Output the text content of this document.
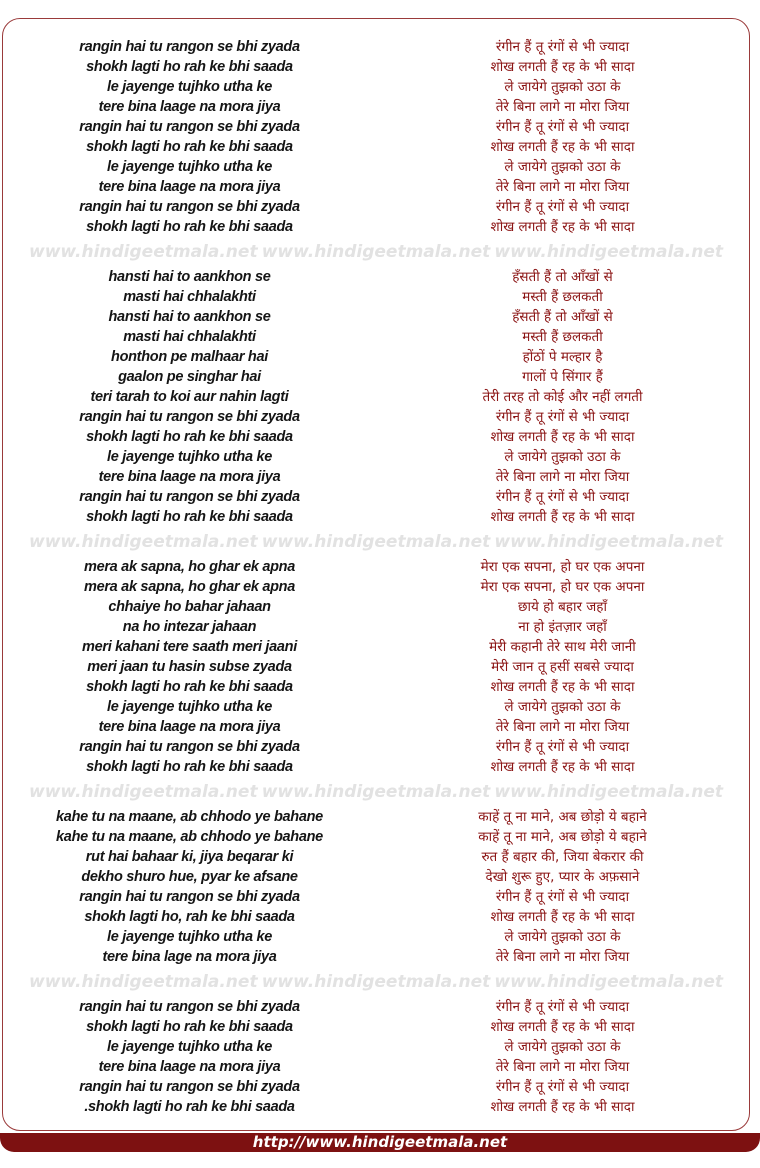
rangin hai tu rangon se bhi zyada
shokh lagti ho rah ke bhi saada
le jayenge tujhko utha ke
tere bina laage na mora jiya
rangin hai tu rangon se bhi zyada
shokh lagti ho rah ke bhi saada
le jayenge tujhko utha ke
tere bina laage na mora jiya
rangin hai tu rangon se bhi zyada
shokh lagti ho rah ke bhi saada
रंगीन हैं तू रंगों से भी ज्यादा
शोख लगती हैं रह के भी सादा
ले जायेगे तुझको उठा के
तेरे बिना लागे ना मोरा जिया
रंगीन हैं तू रंगों से भी ज्यादा
शोख लगती हैं रह के भी सादा
ले जायेगे तुझको उठा के
तेरे बिना लागे ना मोरा जिया
रंगीन हैं तू रंगों से भी ज्यादा
शोख लगती हैं रह के भी सादा
www.hindigeetmala.net www.hindigeetmala.net www.hindigeetmala.net
hansti hai to aankhon se
masti hai chhalakhti
hansti hai to aankhon se
masti hai chhalakhti
honthon pe malhaar hai
gaalon pe singhar hai
teri tarah to koi aur nahin lagti
rangin hai tu rangon se bhi zyada
shokh lagti ho rah ke bhi saada
le jayenge tujhko utha ke
tere bina laage na mora jiya
rangin hai tu rangon se bhi zyada
shokh lagti ho rah ke bhi saada
हँसती हैं तो आँखों से
मस्ती हैं छलकती
हँसती हैं तो आँखों से
मस्ती हैं छलकती
होंठों पे मल्हार है
गालों पे सिंगार हैं
तेरी तरह तो कोई और नहीं लगती
रंगीन हैं तू रंगों से भी ज्यादा
शोख लगती हैं रह के भी सादा
ले जायेगे तुझको उठा के
तेरे बिना लागे ना मोरा जिया
रंगीन हैं तू रंगों से भी ज्यादा
शोख लगती हैं रह के भी सादा
www.hindigeetmala.net www.hindigeetmala.net www.hindigeetmala.net
mera ak sapna, ho ghar ek apna
mera ak sapna, ho ghar ek apna
chhaiye ho bahar jahaan
na ho intezar jahaan
meri kahani tere saath meri jaani
meri jaan tu hasin subse zyada
shokh lagti ho rah ke bhi saada
le jayenge tujhko utha ke
tere bina laage na mora jiya
rangin hai tu rangon se bhi zyada
shokh lagti ho rah ke bhi saada
मेरा एक सपना, हो घर एक अपना
मेरा एक सपना, हो घर एक अपना
छाये हो बहार जहाँ
ना हो इंतज़ार जहाँ
मेरी कहानी तेरे साथ मेरी जानी
मेरी जान तू हसीं सबसे ज्यादा
शोख लगती हैं रह के भी सादा
ले जायेगे तुझको उठा के
तेरे बिना लागे ना मोरा जिया
रंगीन हैं तू रंगों से भी ज्यादा
शोख लगती हैं रह के भी सादा
www.hindigeetmala.net www.hindigeetmala.net www.hindigeetmala.net
kahe tu na maane, ab chhodo ye bahane
kahe tu na maane, ab chhodo ye bahane
rut hai bahaar ki, jiya beqarar ki
dekho shuro hue, pyar ke afsane
rangin hai tu rangon se bhi zyada
shokh lagti ho, rah ke bhi saada
le jayenge tujhko utha ke
tere bina lage na mora jiya
काहें तू ना माने, अब छोड़ो ये बहाने
काहें तू ना माने, अब छोड़ो ये बहाने
रुत हैं बहार की, जिया बेकरार की
देखो शुरू हुए, प्यार के अफ़साने
रंगीन हैं तू रंगों से भी ज्यादा
शोख लगती हैं रह के भी सादा
ले जायेगे तुझको उठा के
तेरे बिना लागे ना मोरा जिया
www.hindigeetmala.net www.hindigeetmala.net www.hindigeetmala.net
rangin hai tu rangon se bhi zyada
shokh lagti ho rah ke bhi saada
le jayenge tujhko utha ke
tere bina laage na mora jiya
rangin hai tu rangon se bhi zyada
.shokh lagti ho rah ke bhi saada
रंगीन हैं तू रंगों से भी ज्यादा
शोख लगती हैं रह के भी सादा
ले जायेगे तुझको उठा के
तेरे बिना लागे ना मोरा जिया
रंगीन हैं तू रंगों से भी ज्यादा
शोख लगती हैं रह के भी सादा
http://www.hindigeetmala.net
